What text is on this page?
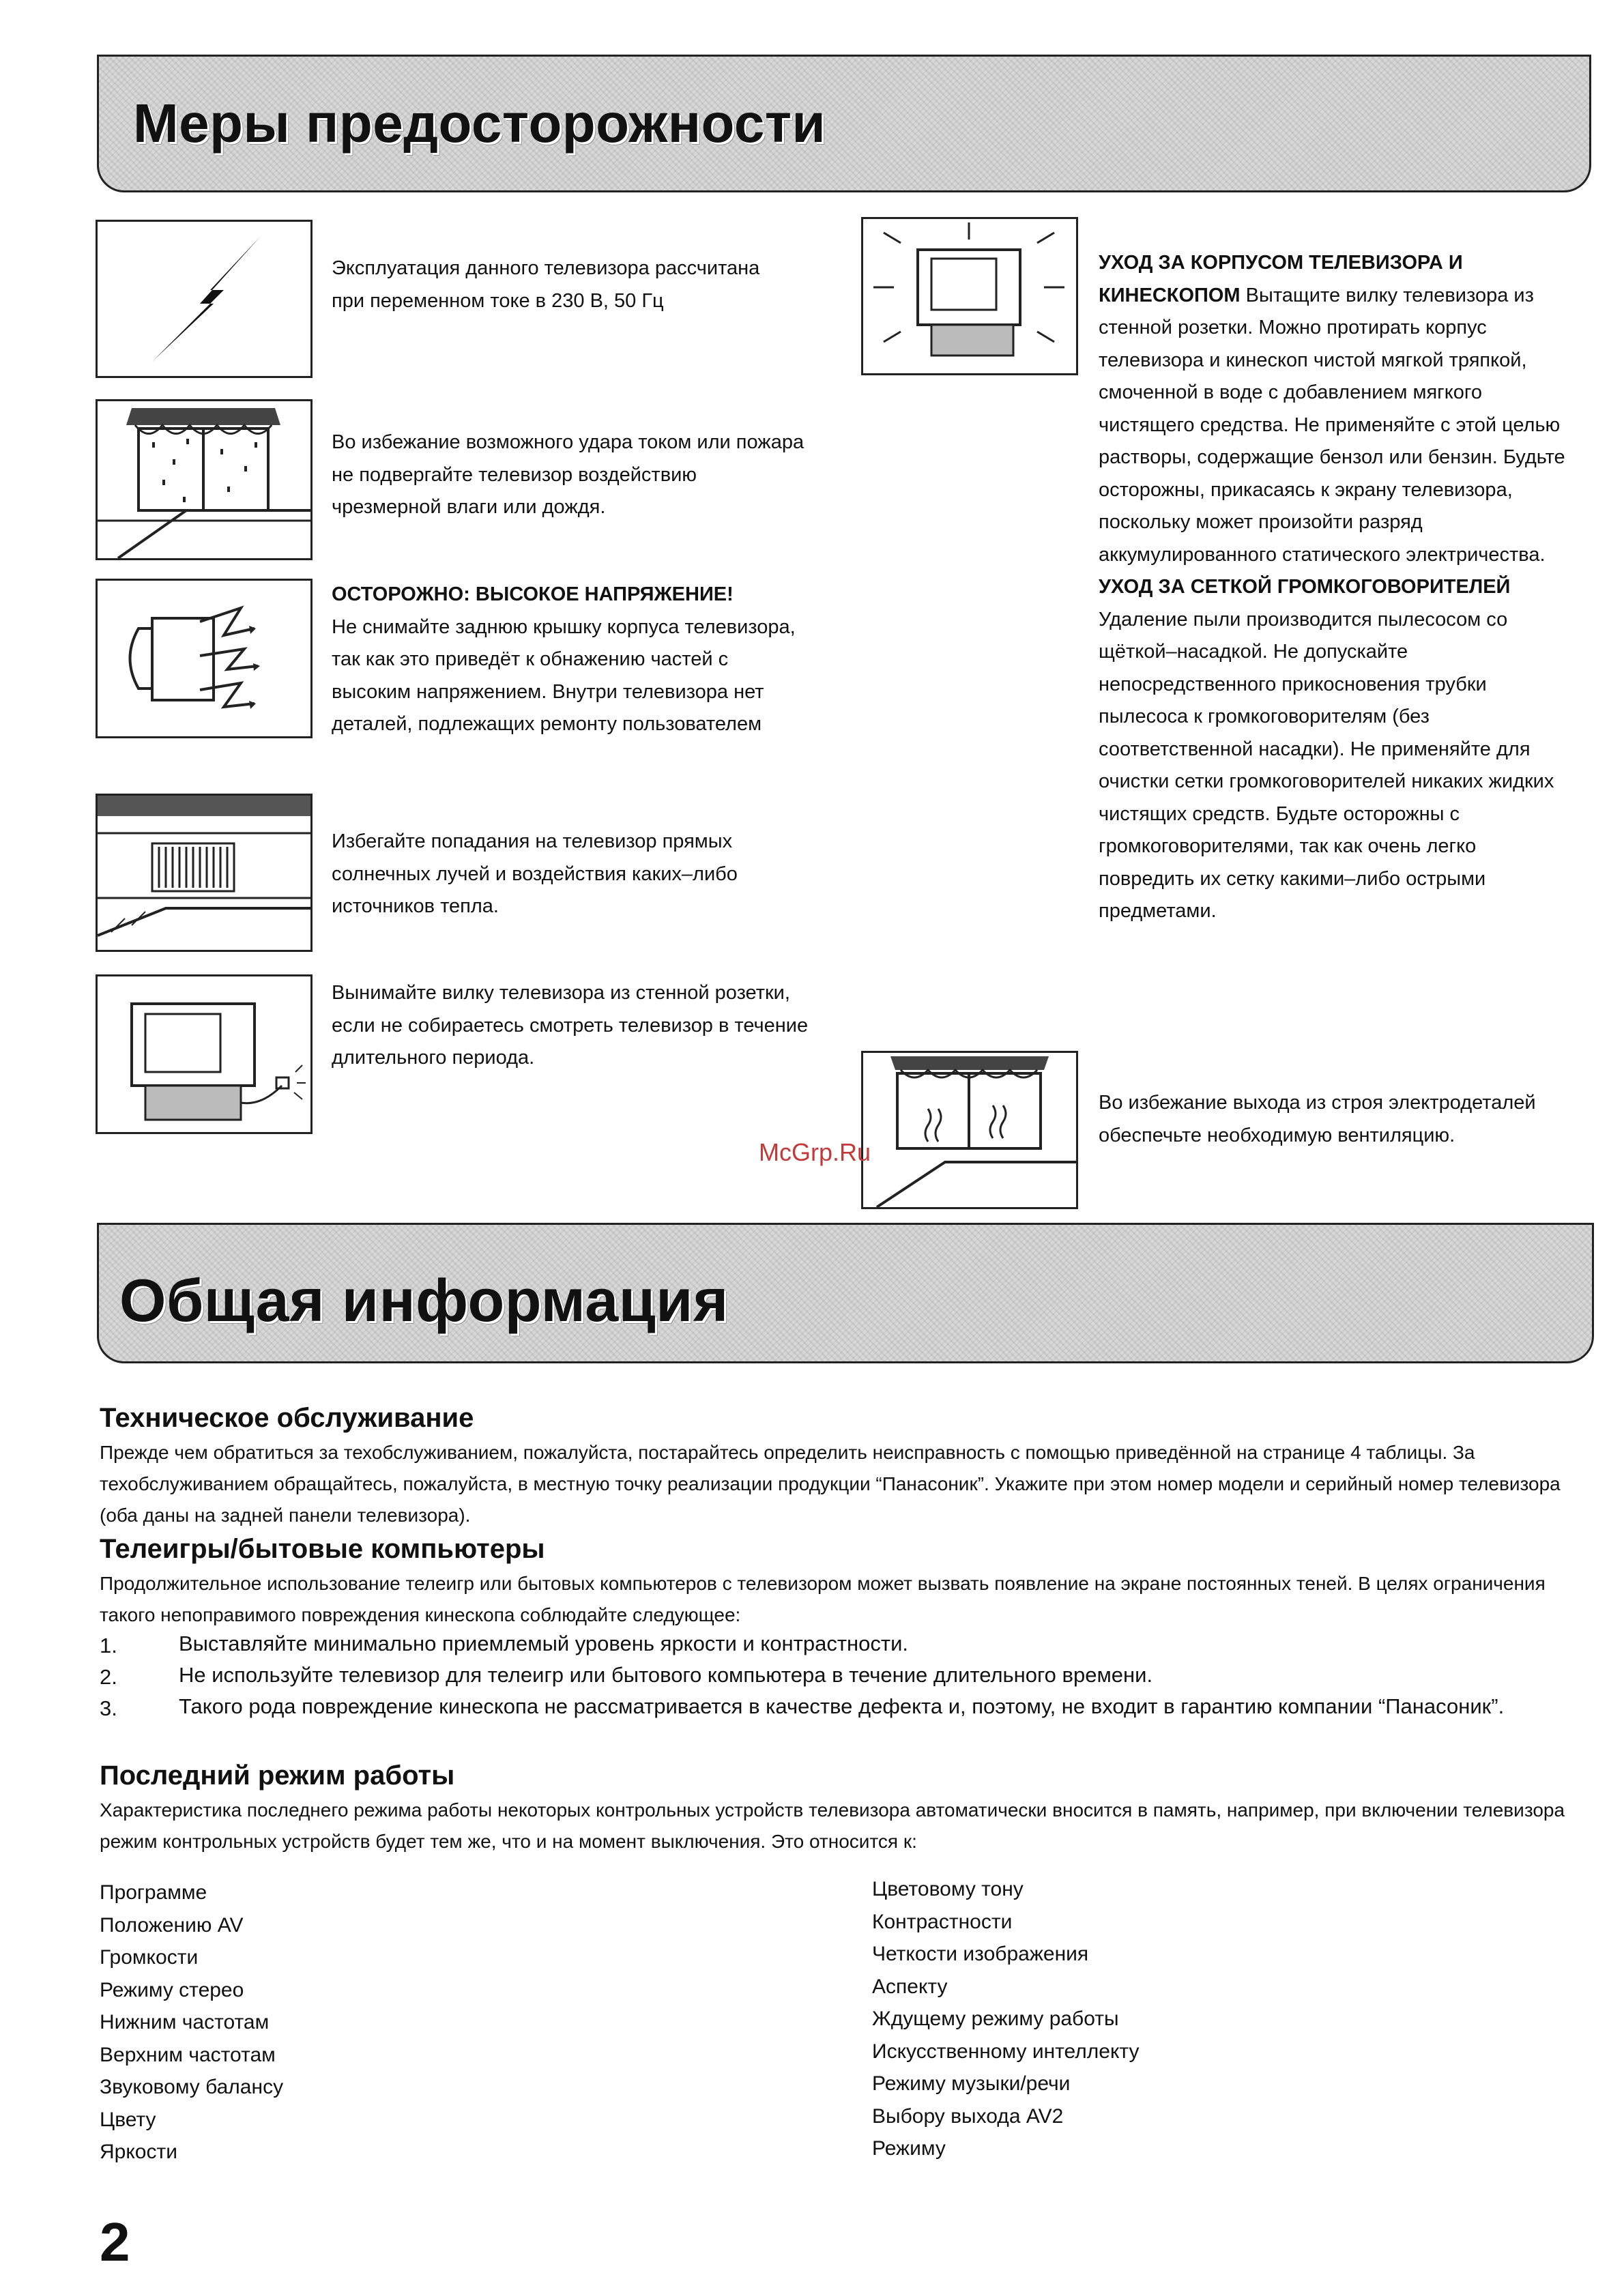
Меры предосторожности
Эксплуатация данного телевизора рассчитана при переменном токе в 230 В, 50 Гц
Во избежание возможного удара током или пожара не подвергайте телевизор воздействию чрезмерной влаги или дождя.
ОСТОРОЖНО: ВЫСОКОЕ НАПРЯЖЕНИЕ!
Не снимайте заднюю крышку корпуса телевизора, так как это приведёт к обнажению частей с высоким напряжением. Внутри телевизора нет деталей, подлежащих ремонту пользователем
Избегайте попадания на телевизор прямых солнечных лучей и воздействия каких–либо источников тепла.
Вынимайте вилку телевизора из стенной розетки, если не собираетесь смотреть телевизор в течение длительного периода.
УХОД ЗА КОРПУСОМ ТЕЛЕВИЗОРА И КИНЕСКОПОМ Вытащите вилку телевизора из стенной розетки. Можно протирать корпус телевизора и кинескоп чистой мягкой тряпкой, смоченной в воде с добавлением мягкого чистящего средства. Не применяйте с этой целью растворы, содержащие бензол или бензин. Будьте осторожны, прикасаясь к экрану телевизора, поскольку может произойти разряд аккумулированного статического электричества.
УХОД ЗА СЕТКОЙ ГРОМКОГОВОРИТЕЛЕЙ
Удаление пыли производится пылесосом со щёткой–насадкой. Не допускайте непосредственного прикосновения трубки пылесоса к громкоговорителям (без соответственной насадки). Не применяйте для очистки сетки громкоговорителей никаких жидких чистящих средств. Будьте осторожны с громкоговорителями, так как очень легко повредить их сетку какими–либо острыми предметами.
Во избежание выхода из строя электродеталей обеспечьте необходимую вентиляцию.
McGrp.Ru
Общая информация
Техническое обслуживание
Прежде чем обратиться за техобслуживанием, пожалуйста, постарайтесь определить неисправность с помощью приведённой на странице 4 таблицы. За техобслуживанием обращайтесь, пожалуйста, в местную точку реализации продукции “Панасоник”. Укажите при этом номер модели и серийный номер телевизора (оба даны на задней панели телевизора).
Телеигры/бытовые компьютеры
Продолжительное использование телеигр или бытовых компьютеров с телевизором может вызвать появление на экране постоянных теней. В целях ограничения такого непоправимого повреждения кинескопа соблюдайте следующее:
1.	Выставляйте минимально приемлемый уровень яркости и контрастности.
2.	Не используйте телевизор для телеигр или бытового компьютера в течение длительного времени.
3.	Такого рода повреждение кинескопа не рассматривается в качестве дефекта и, поэтому, не входит в гарантию компании “Панасоник”.
Последний режим работы
Характеристика последнего режима работы некоторых контрольных устройств телевизора автоматически вносится в память, например, при включении телевизора режим контрольных устройств будет тем же, что и на момент выключения. Это относится к:
Программе
Положению AV
Громкости
Режиму стерео
Нижним частотам
Верхним частотам
Звуковому балансу
Цвету
Яркости
Цветовому тону
Контрастности
Четкости изображения
Аспекту
Ждущему режиму работы
Искусственному интеллекту
Режиму музыки/речи
Выбору выхода AV2
Режиму
2
